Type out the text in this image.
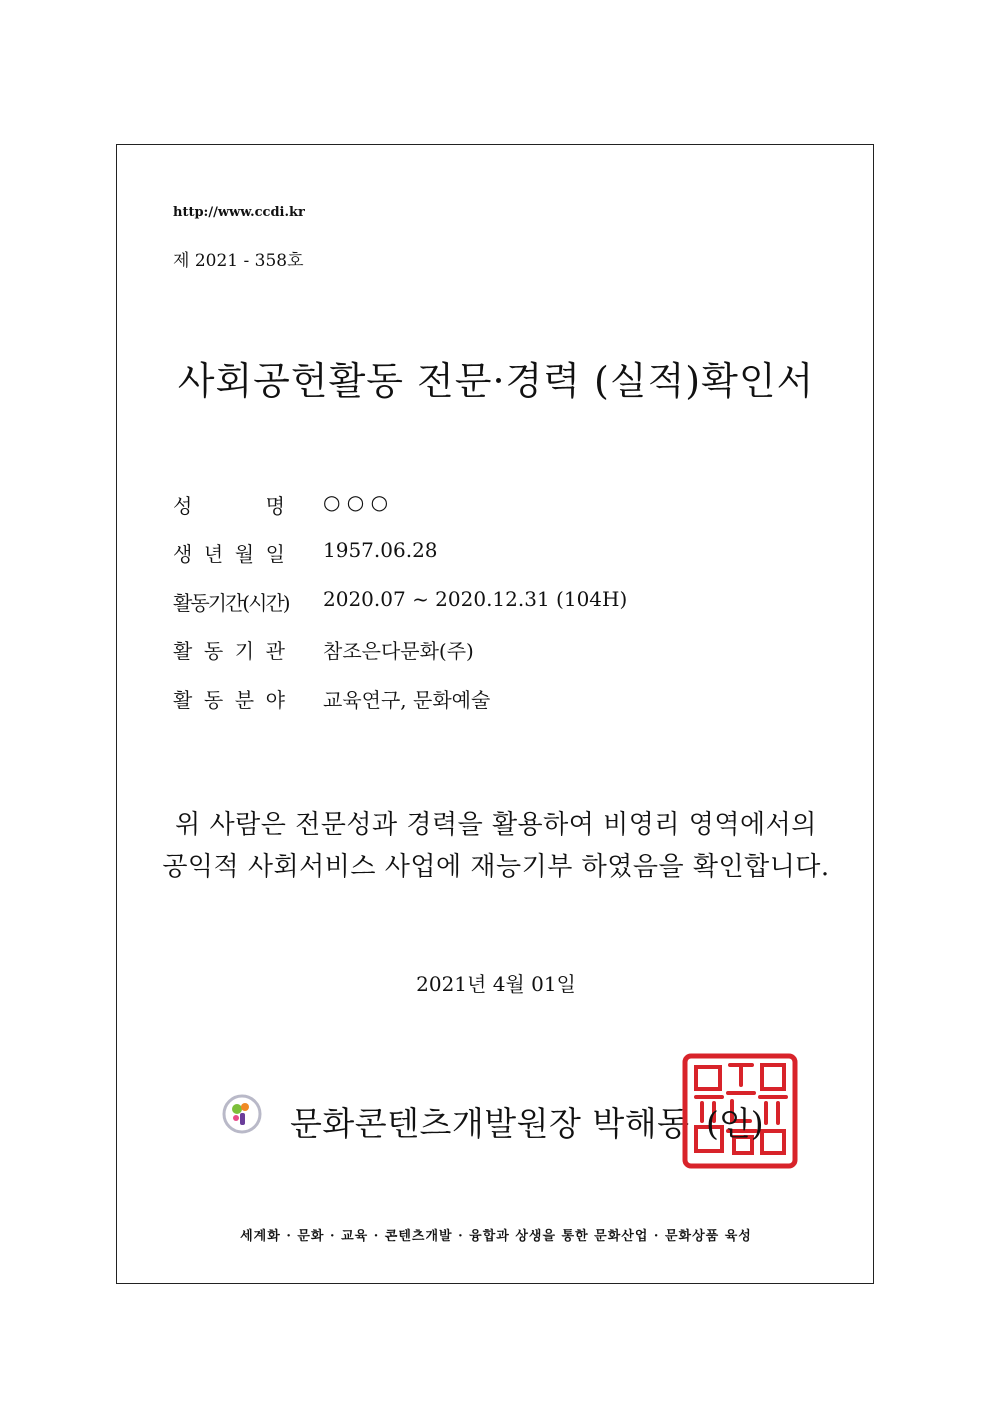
http://www.ccdi.kr
제 2021 - 358호
사회공헌활동 전문·경력 (실적)확인서
성	명 ○ ○ ○
생 년 월 일 1957.06.28
활동기간(시간) 2020.07 ~ 2020.12.31 (104H)
활 동 기 관 참조은다문화(주)
활 동 분 야 교육연구, 문화예술
위 사람은 전문성과 경력을 활용하여 비영리 영역에서의
공익적 사회서비스 사업에 재능기부 하였음을 확인합니다.
2021년 4월 01일
문화콘텐츠개발원장 박해동 (인)
세계화 · 문화 · 교육 · 콘텐츠개발 · 융합과 상생을 통한 문화산업 · 문화상품 육성
